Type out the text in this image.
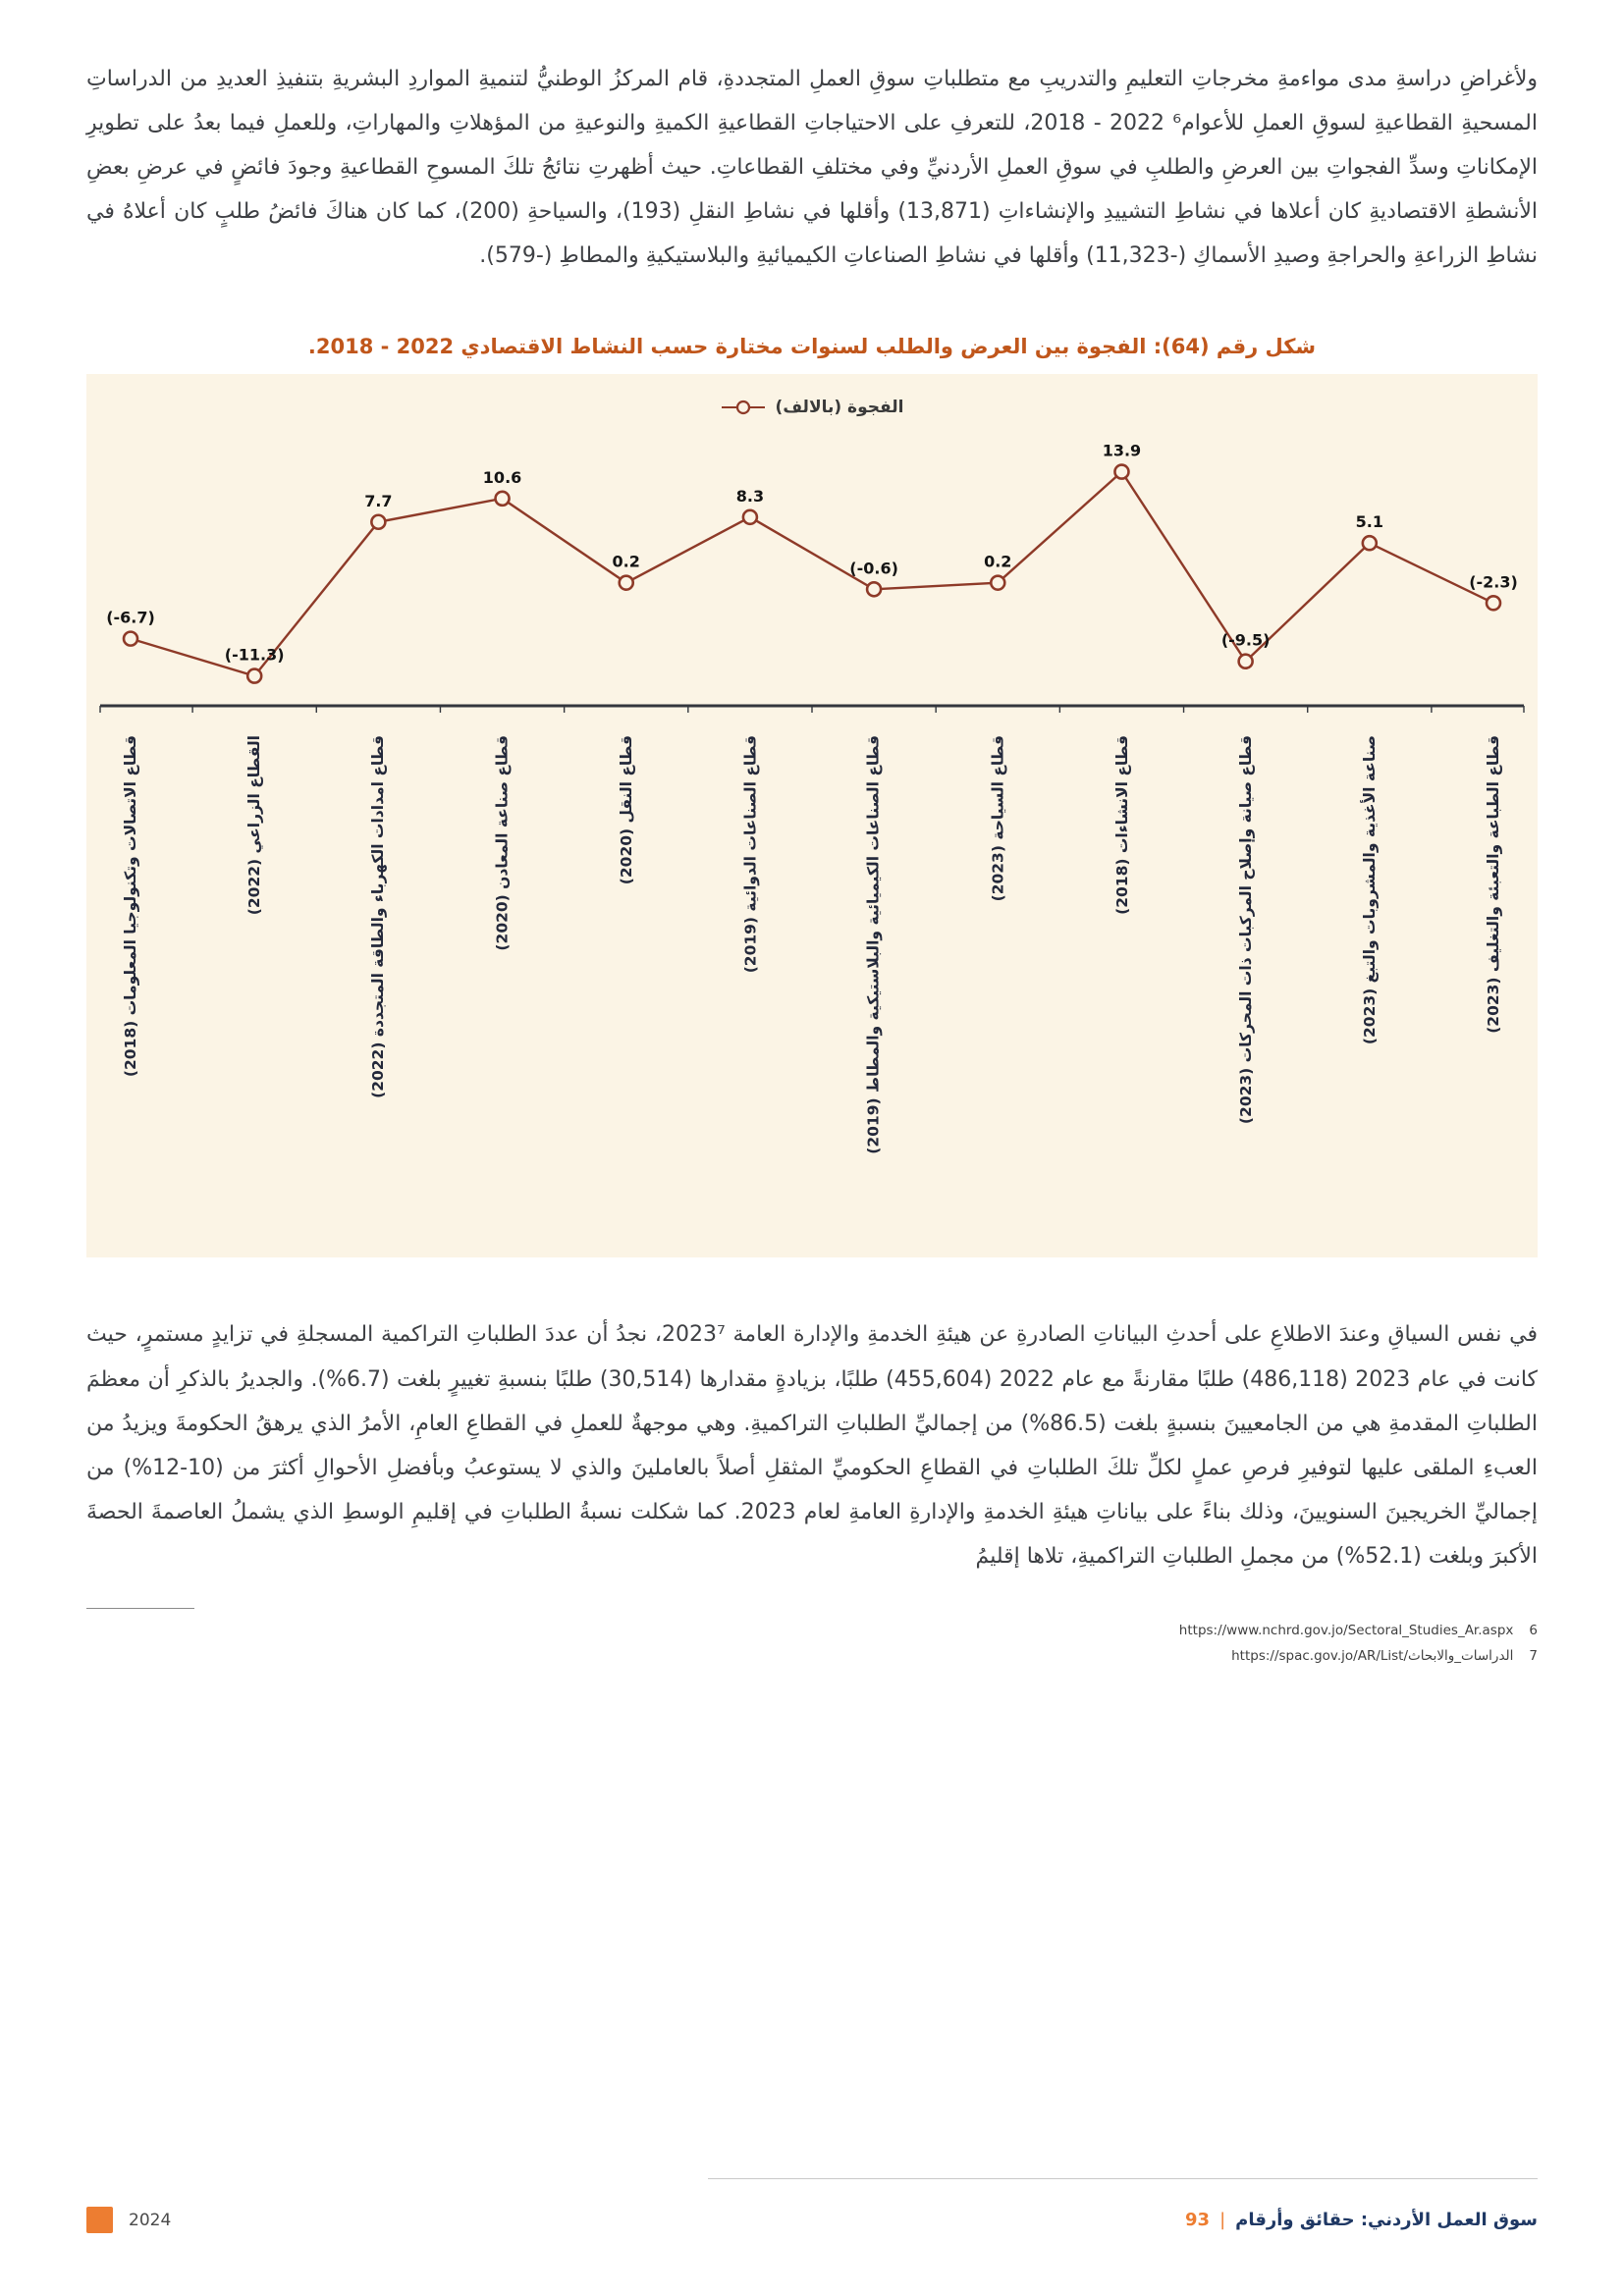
ولأغراضِ دراسةِ مدى مواءمةِ مخرجاتِ التعليمِ والتدريبِ مع متطلباتِ سوقِ العملِ المتجددةِ، قام المركزُ الوطنيُّ لتنميةِ المواردِ البشريةِ بتنفيذِ العديدِ من الدراساتِ المسحيةِ القطاعيةِ لسوقِ العملِ للأعوام⁶ ⁦2018 - 2022⁩، للتعرفِ على الاحتياجاتِ القطاعيةِ الكميةِ والنوعيةِ من المؤهلاتِ والمهاراتِ، وللعملِ فيما بعدُ على تطويرِ الإمكاناتِ وسدِّ الفجواتِ بين العرضِ والطلبِ في سوقِ العملِ الأردنيِّ وفي مختلفِ القطاعاتِ. حيث أظهرتِ نتائجُ تلكَ المسوحِ القطاعيةِ وجودَ فائضٍ في عرضِ بعضِ الأنشطةِ الاقتصاديةِ كان أعلاها في نشاطِ التشييدِ والإنشاءاتِ (13,871) وأقلها في نشاطِ النقلِ (193)، والسياحةِ (200)، كما كان هناكَ فائضُ طلبٍ كان أعلاهُ في نشاطِ الزراعةِ والحراجةِ وصيدِ الأسماكِ (-11,323) وأقلها في نشاطِ الصناعاتِ الكيميائيةِ والبلاستيكيةِ والمطاطِ (-579).

شكل رقم (64): الفجوة بين العرض والطلب لسنوات مختارة حسب النشاط الاقتصادي ⁦2018 - 2022⁩.
الفجوة (بالالف)
(-6.7)
(-11.3)
7.7
10.6
0.2
8.3
(-0.6)	0.2
13.9
(-9.5)
5.1
(-2.3)
قطاع الاتصالات وتكنولوجيا المعلومات (2018)	القطاع الزراعي (2022)
قطاع امدادات الكهرباء والطاقة المتجددة (2022)	قطاع صناعة المعادن (2020)	قطاع النقل (2020)
قطاع الصناعات الدوائية (2019)
قطاع الصناعات الكيميائية والبلاستيكية والمطاط (2019)	قطاع السياحة (2023)
قطاع الانشاءات (2018)
قطاع صيانة وإصلاح المركبات ذات المحركات (2023)	صناعة الأغذية والمشروبات والتبغ (2023)
قطاع الطباعة والتعبئة والتغليف (2023)

في نفس السياقِ وعندَ الاطلاعِ على أحدثِ البياناتِ الصادرةِ عن هيئةِ الخدمةِ والإدارة العامة 2023⁷، نجدُ أن عددَ الطلباتِ التراكمية المسجلةِ في تزايدٍ مستمرٍ، حيث كانت في عام 2023 (486,118) طلبًا مقارنةً مع عام 2022 (455,604) طلبًا، بزيادةٍ مقدارها (30,514) طلبًا بنسبةِ تغييرٍ بلغت (6.7%). والجديرُ بالذكرِ أن معظمَ الطلباتِ المقدمةِ هي من الجامعيينَ بنسبةٍ بلغت (86.5%) من إجماليِّ الطلباتِ التراكميةِ. وهي موجهةٌ للعملِ في القطاعِ العامِ، الأمرُ الذي يرهقُ الحكومةَ ويزيدُ من العبءِ الملقى عليها لتوفيرِ فرصِ عملٍ لكلِّ تلكَ الطلباتِ في القطاعِ الحكوميِّ المثقلِ أصلاً بالعاملينَ والذي لا يستوعبُ وبأفضلِ الأحوالِ أكثرَ من (10-12%) من إجماليِّ الخريجينَ السنويينَ، وذلك بناءً على بياناتِ هيئةِ الخدمةِ والإدارةِ العامةِ لعام 2023. كما شكلت نسبةُ الطلباتِ في إقليمِ الوسطِ الذي يشملُ العاصمةَ الحصةَ الأكبرَ وبلغت (52.1%) من مجملِ الطلباتِ التراكميةِ، تلاها إقليمُ

6
https://www.nchrd.gov.jo/Sectoral_Studies_Ar.aspx
7
https://spac.gov.jo/AR/List/الدراسات_والابحاث
2024	93 | سوق العمل الأردني: حقائق وأرقام
